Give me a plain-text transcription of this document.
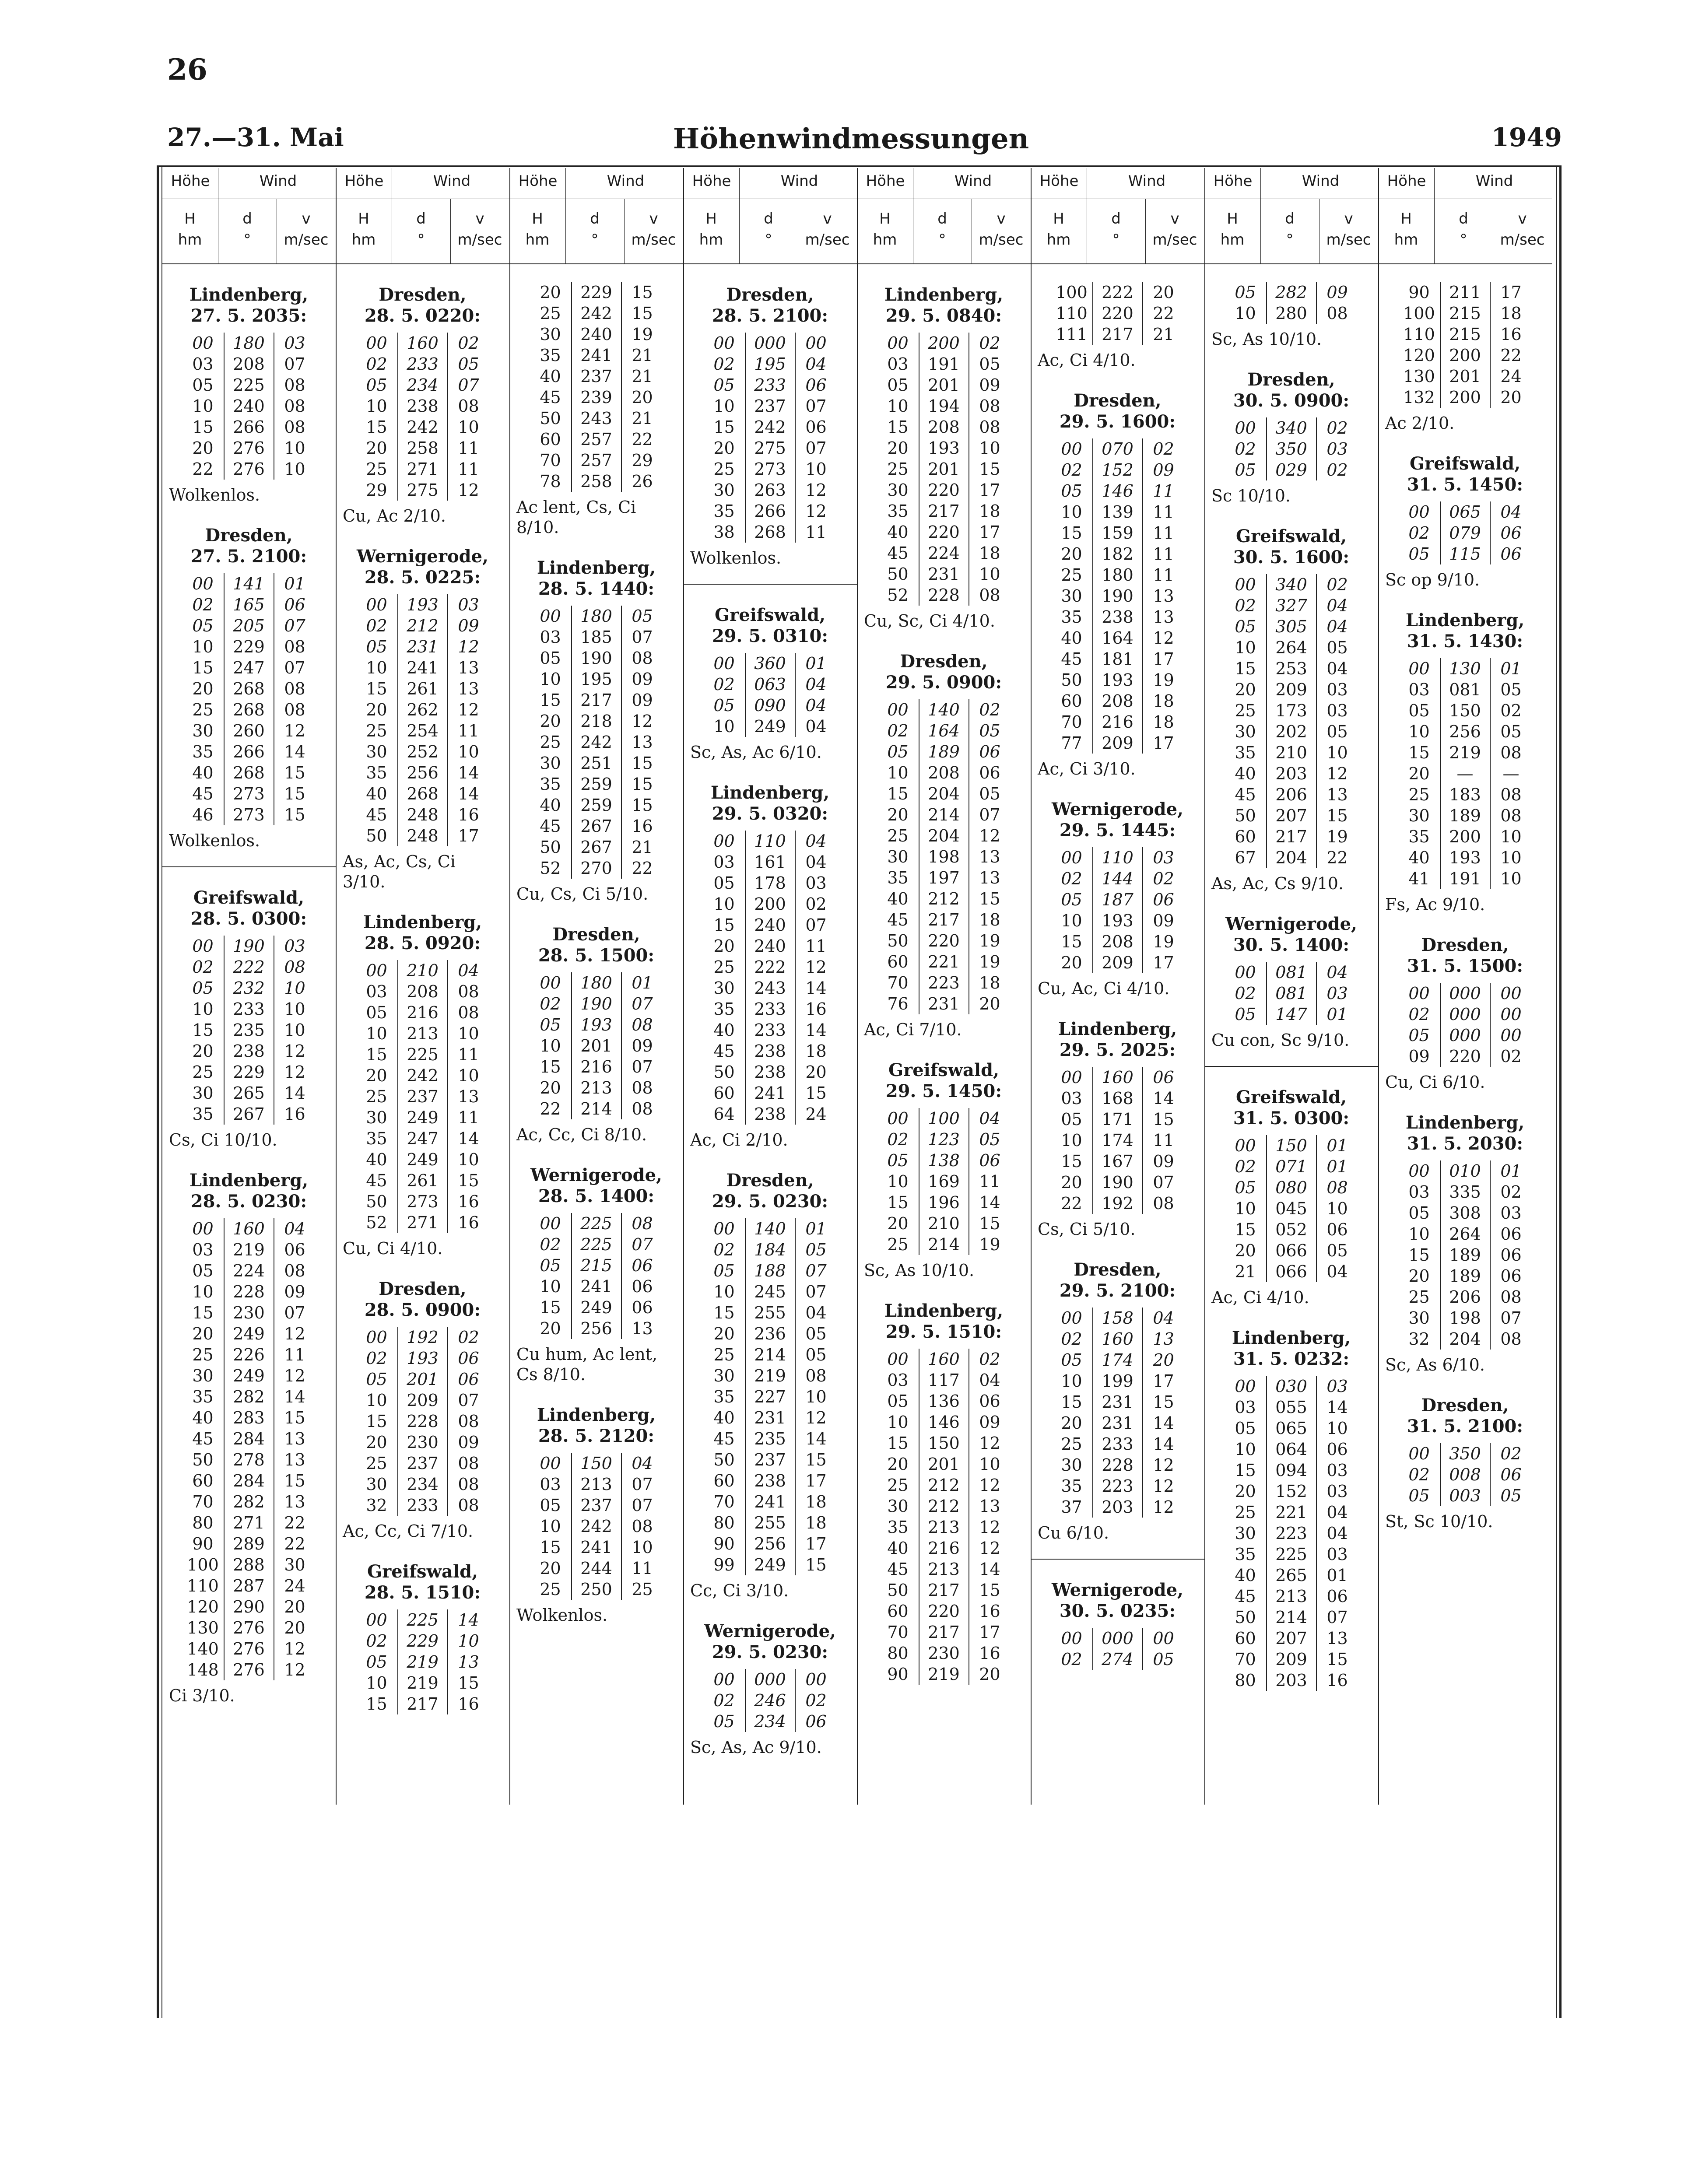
26
27.—31. Mai	Höhenwindmessungen	1949
Höhe	Wind
H
hm
d
°
v
m/sec
Lindenberg,
27. 5. 2035:
00	180	03
03	208	07
05	225	08
10	240	08
15	266	08
20	276	10
22	276	10
Wolkenlos.
Dresden,
27. 5. 2100:
00	141	01
02	165	06
05	205	07
10	229	08
15	247	07
20	268	08
25	268	08
30	260	12
35	266	14
40	268	15
45	273	15
46	273	15
Wolkenlos.
Greifswald,
28. 5. 0300:
00	190	03
02	222	08
05	232	10
10	233	10
15	235	10
20	238	12
25	229	12
30	265	14
35	267	16
Cs, Ci 10/10.
Lindenberg,
28. 5. 0230:
00	160	04
03	219	06
05	224	08
10	228	09
15	230	07
20	249	12
25	226	11
30	249	12
35	282	14
40	283	15
45	284	13
50	278	13
60	284	15
70	282	13
80	271	22
90	289	22
100	288	30
110	287	24
120	290	20
130	276	20
140	276	12
148	276	12
Ci 3/10.
Höhe	Wind
H
hm
d
°
v
m/sec
Dresden,
28. 5. 0220:
00	160	02
02	233	05
05	234	07
10	238	08
15	242	10
20	258	11
25	271	11
29	275	12
Cu, Ac 2/10.
Wernigerode,
28. 5. 0225:
00	193	03
02	212	09
05	231	12
10	241	13
15	261	13
20	262	12
25	254	11
30	252	10
35	256	14
40	268	14
45	248	16
50	248	17
As, Ac, Cs, Ci 3/10.
Lindenberg,
28. 5. 0920:
00	210	04
03	208	08
05	216	08
10	213	10
15	225	11
20	242	10
25	237	13
30	249	11
35	247	14
40	249	10
45	261	15
50	273	16
52	271	16
Cu, Ci 4/10.
Dresden,
28. 5. 0900:
00	192	02
02	193	06
05	201	06
10	209	07
15	228	08
20	230	09
25	237	08
30	234	08
32	233	08
Ac, Cc, Ci 7/10.
Greifswald,
28. 5. 1510:
00	225	14
02	229	10
05	219	13
10	219	15
15	217	16
Höhe	Wind
H
hm
d
°
v
m/sec
20	229	15
25	242	15
30	240	19
35	241	21
40	237	21
45	239	20
50	243	21
60	257	22
70	257	29
78	258	26
Ac lent, Cs, Ci 8/10.
Lindenberg,
28. 5. 1440:
00	180	05
03	185	07
05	190	08
10	195	09
15	217	09
20	218	12
25	242	13
30	251	15
35	259	15
40	259	15
45	267	16
50	267	21
52	270	22
Cu, Cs, Ci 5/10.
Dresden,
28. 5. 1500:
00	180	01
02	190	07
05	193	08
10	201	09
15	216	07
20	213	08
22	214	08
Ac, Cc, Ci 8/10.
Wernigerode,
28. 5. 1400:
00	225	08
02	225	07
05	215	06
10	241	06
15	249	06
20	256	13
Cu hum, Ac lent, Cs 8/10.
Lindenberg,
28. 5. 2120:
00	150	04
03	213	07
05	237	07
10	242	08
15	241	10
20	244	11
25	250	25
Wolkenlos.
Höhe	Wind
H
hm
d
°
v
m/sec
Dresden,
28. 5. 2100:
00	000	00
02	195	04
05	233	06
10	237	07
15	242	06
20	275	07
25	273	10
30	263	12
35	266	12
38	268	11
Wolkenlos.
Greifswald,
29. 5. 0310:
00	360	01
02	063	04
05	090	04
10	249	04
Sc, As, Ac 6/10.
Lindenberg,
29. 5. 0320:
00	110	04
03	161	04
05	178	03
10	200	02
15	240	07
20	240	11
25	222	12
30	243	14
35	233	16
40	233	14
45	238	18
50	238	20
60	241	15
64	238	24
Ac, Ci 2/10.
Dresden,
29. 5. 0230:
00	140	01
02	184	05
05	188	07
10	245	07
15	255	04
20	236	05
25	214	05
30	219	08
35	227	10
40	231	12
45	235	14
50	237	15
60	238	17
70	241	18
80	255	18
90	256	17
99	249	15
Cc, Ci 3/10.
Wernigerode,
29. 5. 0230:
00	000	00
02	246	02
05	234	06
Sc, As, Ac 9/10.
Höhe	Wind
H
hm
d
°
v
m/sec
Lindenberg,
29. 5. 0840:
00	200	02
03	191	05
05	201	09
10	194	08
15	208	08
20	193	10
25	201	15
30	220	17
35	217	18
40	220	17
45	224	18
50	231	10
52	228	08
Cu, Sc, Ci 4/10.
Dresden,
29. 5. 0900:
00	140	02
02	164	05
05	189	06
10	208	06
15	204	05
20	214	07
25	204	12
30	198	13
35	197	13
40	212	15
45	217	18
50	220	19
60	221	19
70	223	18
76	231	20
Ac, Ci 7/10.
Greifswald,
29. 5. 1450:
00	100	04
02	123	05
05	138	06
10	169	11
15	196	14
20	210	15
25	214	19
Sc, As 10/10.
Lindenberg,
29. 5. 1510:
00	160	02
03	117	04
05	136	06
10	146	09
15	150	12
20	201	10
25	212	12
30	212	13
35	213	12
40	216	12
45	213	14
50	217	15
60	220	16
70	217	17
80	230	16
90	219	20
Höhe	Wind
H
hm
d
°
v
m/sec
100	222	20
110	220	22
111	217	21
Ac, Ci 4/10.
Dresden,
29. 5. 1600:
00	070	02
02	152	09
05	146	11
10	139	11
15	159	11
20	182	11
25	180	11
30	190	13
35	238	13
40	164	12
45	181	17
50	193	19
60	208	18
70	216	18
77	209	17
Ac, Ci 3/10.
Wernigerode,
29. 5. 1445:
00	110	03
02	144	02
05	187	06
10	193	09
15	208	19
20	209	17
Cu, Ac, Ci 4/10.
Lindenberg,
29. 5. 2025:
00	160	06
03	168	14
05	171	15
10	174	11
15	167	09
20	190	07
22	192	08
Cs, Ci 5/10.
Dresden,
29. 5. 2100:
00	158	04
02	160	13
05	174	20
10	199	17
15	231	15
20	231	14
25	233	14
30	228	12
35	223	12
37	203	12
Cu 6/10.
Wernigerode,
30. 5. 0235:
00	000	00
02	274	05
Höhe	Wind
H
hm
d
°
v
m/sec
05	282	09
10	280	08
Sc, As 10/10.
Dresden,
30. 5. 0900:
00	340	02
02	350	03
05	029	02
Sc 10/10.
Greifswald,
30. 5. 1600:
00	340	02
02	327	04
05	305	04
10	264	05
15	253	04
20	209	03
25	173	03
30	202	05
35	210	10
40	203	12
45	206	13
50	207	15
60	217	19
67	204	22
As, Ac, Cs 9/10.
Wernigerode,
30. 5. 1400:
00	081	04
02	081	03
05	147	01
Cu con, Sc 9/10.
Greifswald,
31. 5. 0300:
00	150	01
02	071	01
05	080	08
10	045	10
15	052	06
20	066	05
21	066	04
Ac, Ci 4/10.
Lindenberg,
31. 5. 0232:
00	030	03
03	055	14
05	065	10
10	064	06
15	094	03
20	152	03
25	221	04
30	223	04
35	225	03
40	265	01
45	213	06
50	214	07
60	207	13
70	209	15
80	203	16
Höhe	Wind
H
hm
d
°
v
m/sec
90	211	17
100	215	18
110	215	16
120	200	22
130	201	24
132	200	20
Ac 2/10.
Greifswald,
31. 5. 1450:
00	065	04
02	079	06
05	115	06
Sc op 9/10.
Lindenberg,
31. 5. 1430:
00	130	01
03	081	05
05	150	02
10	256	05
15	219	08
20	—	—
25	183	08
30	189	08
35	200	10
40	193	10
41	191	10
Fs, Ac 9/10.
Dresden,
31. 5. 1500:
00	000	00
02	000	00
05	000	00
09	220	02
Cu, Ci 6/10.
Lindenberg,
31. 5. 2030:
00	010	01
03	335	02
05	308	03
10	264	06
15	189	06
20	189	06
25	206	08
30	198	07
32	204	08
Sc, As 6/10.
Dresden,
31. 5. 2100:
00	350	02
02	008	06
05	003	05
St, Sc 10/10.
